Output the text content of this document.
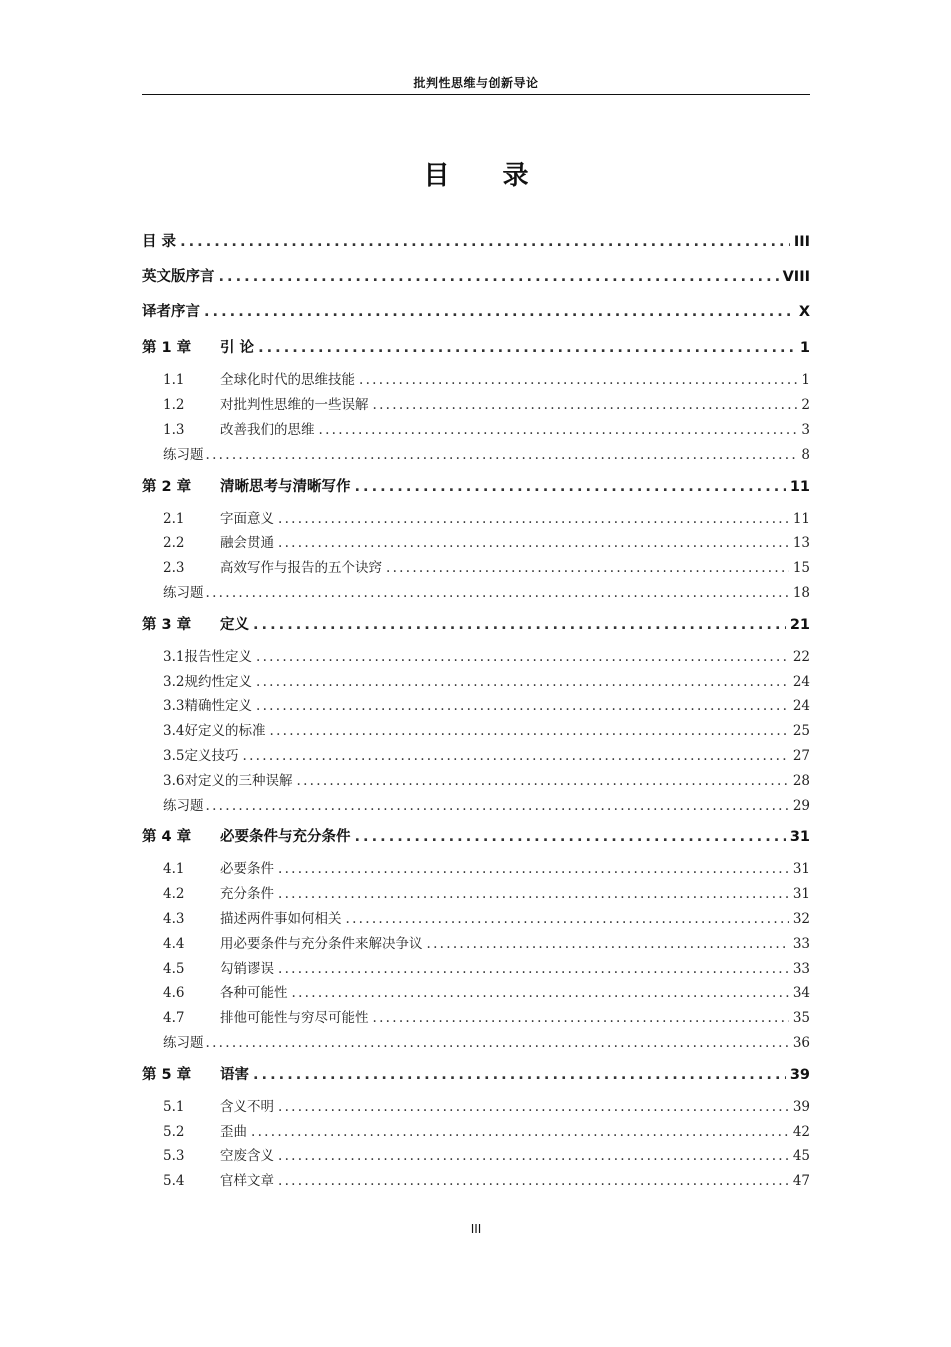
批判性思维与创新导论
目 录
目 录 . . .	III
英文版序言 . . .	VIII
译者序言 . . .	X
第 1 章	引 论 . . .	1
1.1	全球化时代的思维技能 . . .	1
1.2	对批判性思维的一些误解 . . .	2
1.3	改善我们的思维 . . .	3
练习题 . . .	8
第 2 章	清晰思考与清晰写作 . . .	11
2.1	字面意义 . . .	11
2.2	融会贯通 . . .	13
2.3	高效写作与报告的五个诀窍 . . .	15
练习题 . . .	18
第 3 章	定义 . . .	21
3.1 报告性定义 . . .	22
3.2 规约性定义 . . .	24
3.3 精确性定义 . . .	24
3.4 好定义的标准 . . .	25
3.5 定义技巧 . . .	27
3.6 对定义的三种误解 . . .	28
练习题 . . .	29
第 4 章	必要条件与充分条件 . . .	31
4.1	必要条件 . . .	31
4.2	充分条件 . . .	31
4.3	描述两件事如何相关 . . .	32
4.4	用必要条件与充分条件来解决争议 . . .	33
4.5	勾销谬误 . . .	33
4.6	各种可能性 . . .	34
4.7	排他可能性与穷尽可能性 . . .	35
练习题 . . .	36
第 5 章	语害 . . .	39
5.1	含义不明 . . .	39
5.2	歪曲 . . .	42
5.3	空废含义 . . .	45
5.4	官样文章 . . .	47
III
